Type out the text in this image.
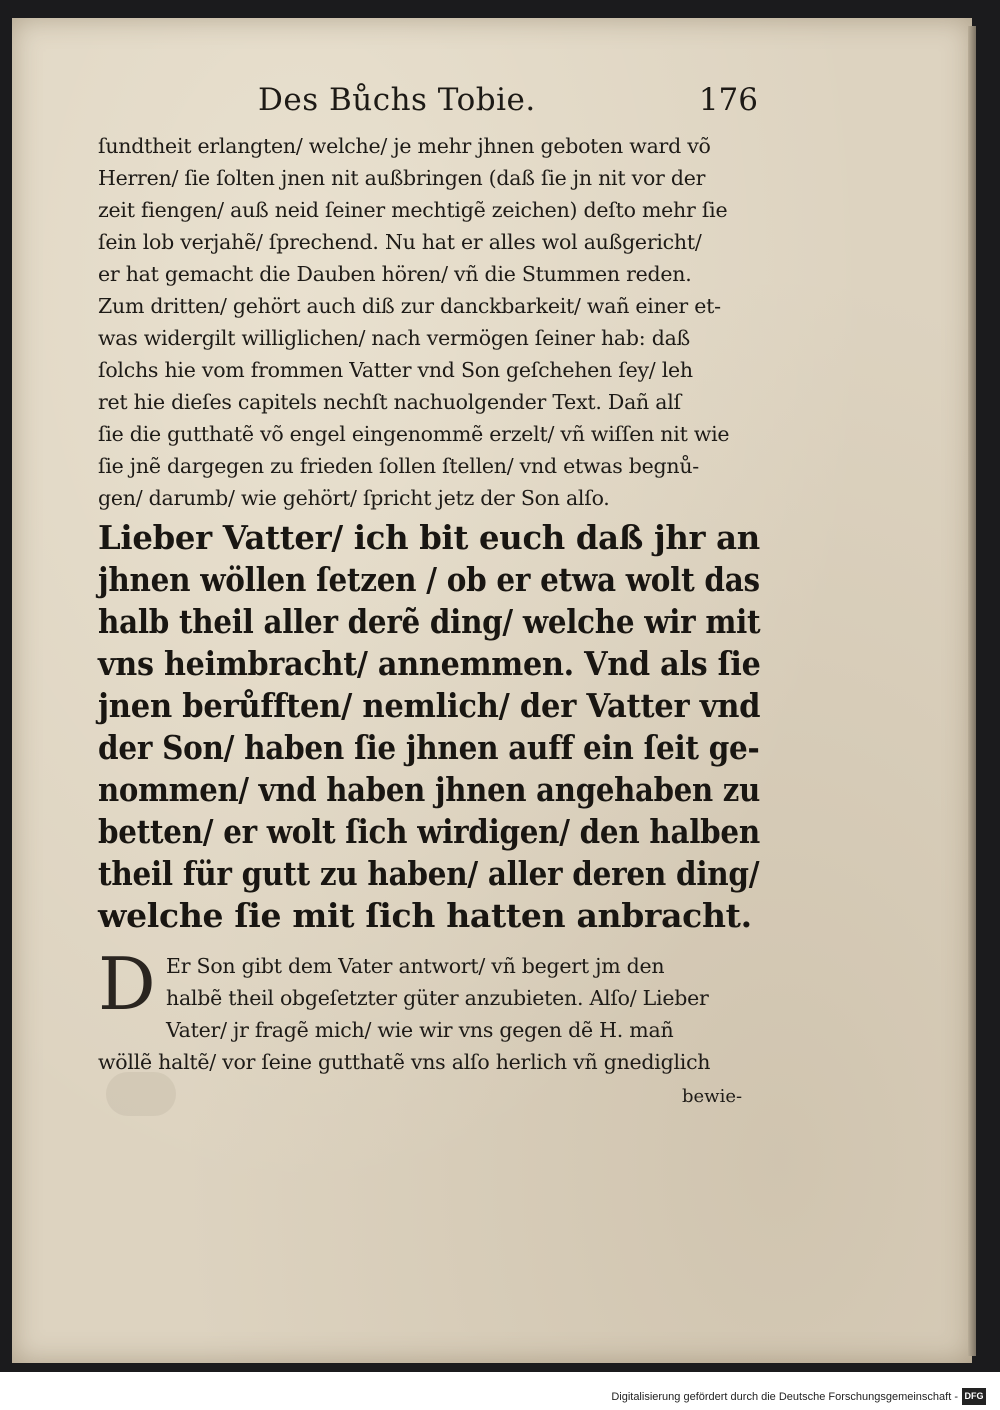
Des Bůchs Tobie.	176
ſundtheit erlangten/ welche/ je mehr jhnen geboten ward võ
Herren/ ſie ſolten jnen nit außbringen (daß ſie jn nit vor der
zeit fiengen/ auß neid ſeiner mechtigẽ zeichen) deſto mehr ſie
ſein lob verjahẽ/ ſprechend. Nu hat er alles wol außgericht/
er hat gemacht die Dauben hören/ vñ die Stummen reden.
Zum dritten/ gehört auch diß zur danckbarkeit/ wañ einer et-
was widergilt williglichen/ nach vermögen ſeiner hab: daß
ſolchs hie vom frommen Vatter vnd Son geſchehen ſey/ leh
ret hie dieſes capitels nechſt nachuolgender Text. Dañ alſ
ſie die gutthatẽ võ engel eingenommẽ erzelt/ vñ wiſſen nit wie
ſie jnẽ dargegen zu frieden ſollen ſtellen/ vnd etwas begnů-
gen/ darumb/ wie gehört/ ſpricht jetz der Son alſo.
Lieber Vatter/ ich bit euch daß jhr an
jhnen wöllen ſetzen / ob er etwa wolt das
halb theil aller derẽ ding/ welche wir mit
vns heimbracht/ annemmen. Vnd als ſie
jnen berůfften/ nemlich/ der Vatter vnd
der Son/ haben ſie jhnen auff ein ſeit ge-
nommen/ vnd haben jhnen angehaben zu
betten/ er wolt ſich wirdigen/ den halben
theil für gutt zu haben/ aller deren ding/
welche ſie mit ſich hatten anbracht.
D Er Son gibt dem Vater antwort/ vñ begert jm den
halbẽ theil obgeſetzter güter anzubieten. Alſo/ Lieber
Vater/ jr fragẽ mich/ wie wir vns gegen dẽ H. mañ
wöllẽ haltẽ/ vor ſeine gutthatẽ vns alſo herlich vñ gnediglich
bewie-
Digitalisierung gefördert durch die Deutsche Forschungsgemeinschaft - DFG
